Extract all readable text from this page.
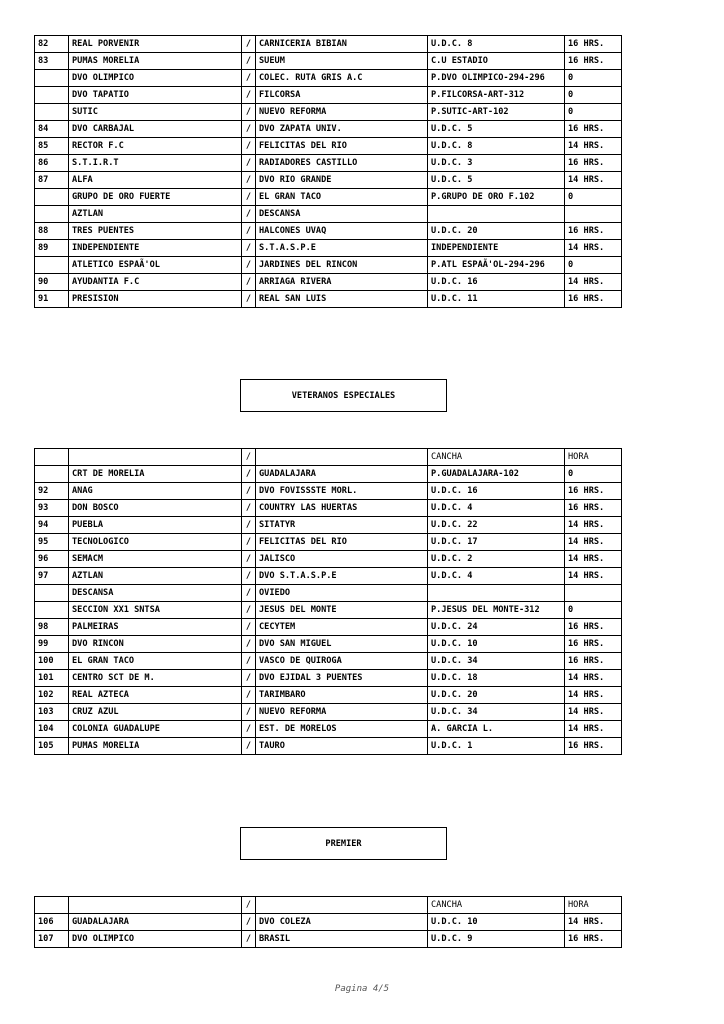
82	REAL PORVENIR	/	CARNICERIA BIBIAN	U.D.C. 8	16 HRS.
83	PUMAS MORELIA	/	SUEUM	C.U ESTADIO	16 HRS.
	DVO OLIMPICO	/	COLEC. RUTA GRIS A.C	P.DVO OLIMPICO-294-296	0
	DVO TAPATIO	/	FILCORSA	P.FILCORSA-ART-312	0
	SUTIC	/	NUEVO REFORMA	P.SUTIC-ART-102	0
84	DVO CARBAJAL	/	DVO ZAPATA UNIV.	U.D.C. 5	16 HRS.
85	RECTOR F.C	/	FELICITAS DEL RIO	U.D.C. 8	14 HRS.
86	S.T.I.R.T	/	RADIADORES CASTILLO	U.D.C. 3	16 HRS.
87	ALFA	/	DVO RIO GRANDE	U.D.C. 5	14 HRS.
	GRUPO DE ORO FUERTE	/	EL GRAN TACO	P.GRUPO DE ORO F.102	0
	AZTLAN	/	DESCANSA		
88	TRES PUENTES	/	HALCONES UVAQ	U.D.C. 20	16 HRS.
89	INDEPENDIENTE	/	S.T.A.S.P.E	INDEPENDIENTE	14 HRS.
	ATLETICO ESPAÃ'OL	/	JARDINES DEL RINCON	P.ATL ESPAÃ'OL-294-296	0
90	AYUDANTIA F.C	/	ARRIAGA RIVERA	U.D.C. 16	14 HRS.
91	PRESISION	/	REAL SAN LUIS	U.D.C. 11	16 HRS.
VETERANOS ESPECIALES
		/		CANCHA	HORA
	CRT DE MORELIA	/	GUADALAJARA	P.GUADALAJARA-102	0
92	ANAG	/	DVO FOVISSSTE MORL.	U.D.C. 16	16 HRS.
93	DON BOSCO	/	COUNTRY LAS HUERTAS	U.D.C. 4	16 HRS.
94	PUEBLA	/	SITATYR	U.D.C. 22	14 HRS.
95	TECNOLOGICO	/	FELICITAS DEL RIO	U.D.C. 17	14 HRS.
96	SEMACM	/	JALISCO	U.D.C. 2	14 HRS.
97	AZTLAN	/	DVO S.T.A.S.P.E	U.D.C. 4	14 HRS.
	DESCANSA	/	OVIEDO		
	SECCION XX1 SNTSA	/	JESUS DEL MONTE	P.JESUS DEL MONTE-312	0
98	PALMEIRAS	/	CECYTEM	U.D.C. 24	16 HRS.
99	DVO RINCON	/	DVO SAN MIGUEL	U.D.C. 10	16 HRS.
100	EL GRAN TACO	/	VASCO DE QUIROGA	U.D.C. 34	16 HRS.
101	CENTRO SCT DE M.	/	DVO EJIDAL 3 PUENTES	U.D.C. 18	14 HRS.
102	REAL AZTECA	/	TARIMBARO	U.D.C. 20	14 HRS.
103	CRUZ AZUL	/	NUEVO REFORMA	U.D.C. 34	14 HRS.
104	COLONIA GUADALUPE	/	EST. DE MORELOS	A. GARCIA L.	14 HRS.
105	PUMAS MORELIA	/	TAURO	U.D.C. 1	16 HRS.
PREMIER
		/		CANCHA	HORA
106	GUADALAJARA	/	DVO COLEZA	U.D.C. 10	14 HRS.
107	DVO OLIMPICO	/	BRASIL	U.D.C. 9	16 HRS.
Pagina 4/5
